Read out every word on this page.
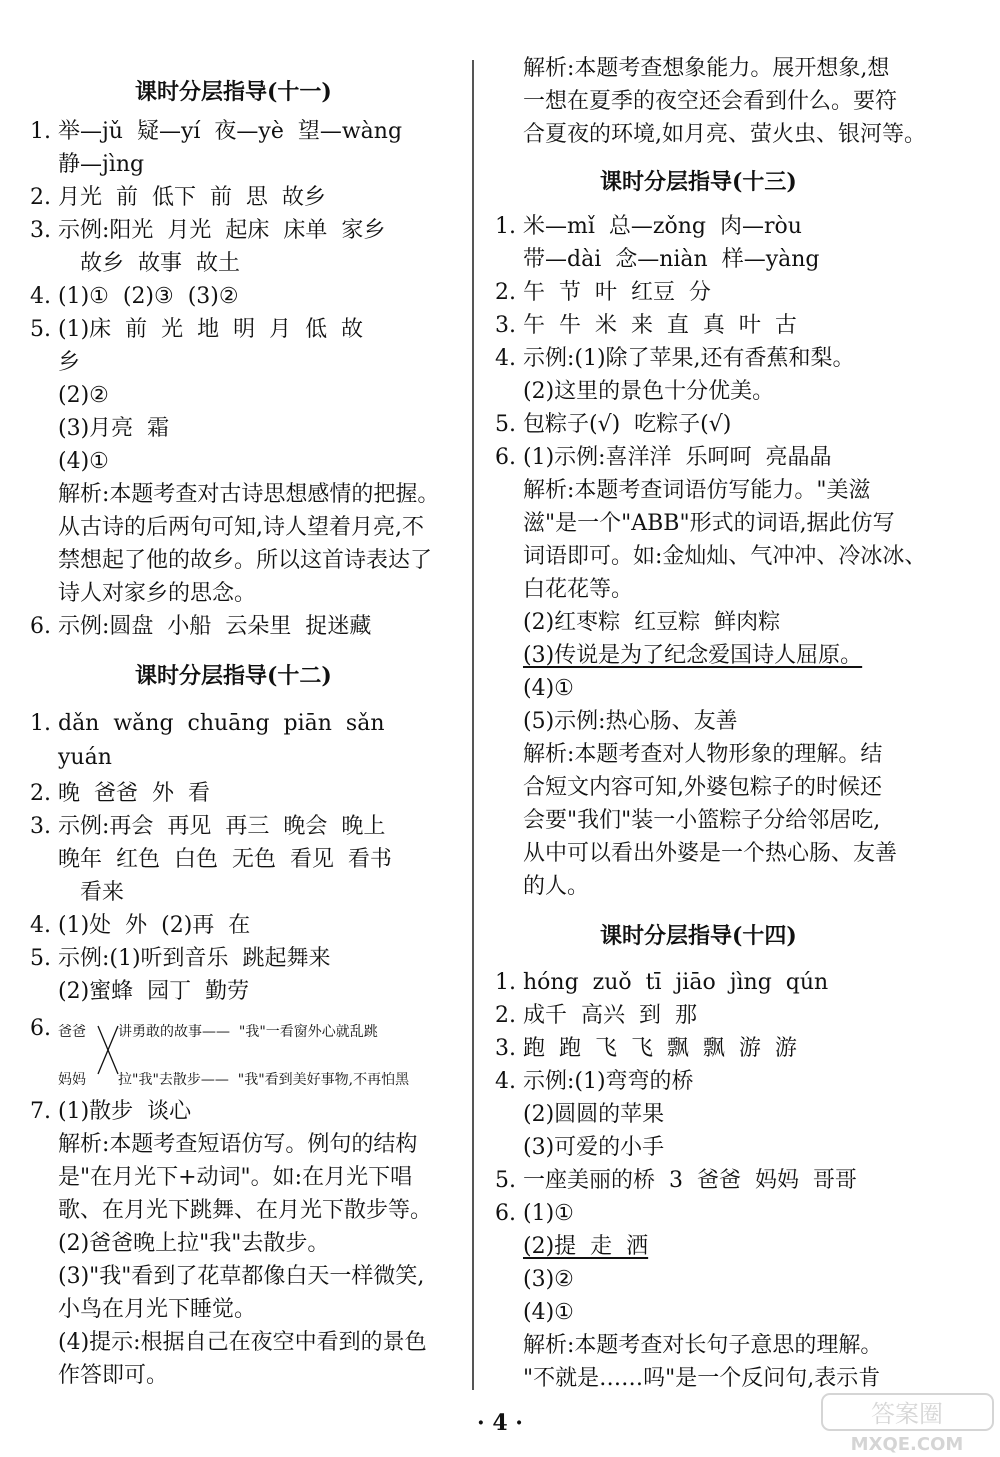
课时分层指导(十一)
1. 举—jǔ  疑—yí  夜—yè  望—wàng
静—jìng
2. 月光  前  低下  前  思  故乡
3. 示例:阳光  月光  起床  床单  家乡
故乡  故事  故土
4. (1)①  (2)③  (3)②
5. (1)床  前  光  地  明  月  低  故
乡
(2)②
(3)月亮  霜
(4)①
解析:本题考查对古诗思想感情的把握。
从古诗的后两句可知,诗人望着月亮,不
禁想起了他的故乡。所以这首诗表达了
诗人对家乡的思念。
6. 示例:圆盘  小船  云朵里  捉迷藏
课时分层指导(十二)
1. dǎn  wǎng  chuāng  piān  sǎn
yuán
2. 晚  爸爸  外  看
3. 示例:再会  再见  再三  晚会  晚上
晚年  红色  白色  无色  看见  看书
看来
4. (1)处  外  (2)再  在
5. 示例:(1)听到音乐  跳起舞来
(2)蜜蜂  园丁  勤劳
6. 爸爸 讲勇敢的故事——  "我"一看窗外心就乱跳
妈妈 拉"我"去散步——  "我"看到美好事物,不再怕黑
7. (1)散步  谈心
解析:本题考查短语仿写。例句的结构
是"在月光下+动词"。如:在月光下唱
歌、在月光下跳舞、在月光下散步等。
(2)爸爸晚上拉"我"去散步。
(3)"我"看到了花草都像白天一样微笑,
小鸟在月光下睡觉。
(4)提示:根据自己在夜空中看到的景色
作答即可。
解析:本题考查想象能力。展开想象,想
一想在夏季的夜空还会看到什么。要符
合夏夜的环境,如月亮、萤火虫、银河等。
课时分层指导(十三)
1. 米—mǐ  总—zǒng  肉—ròu
带—dài  念—niàn  样—yàng
2. 午  节  叶  红豆  分
3. 午  牛  米  来  直  真  叶  古
4. 示例:(1)除了苹果,还有香蕉和梨。
(2)这里的景色十分优美。
5. 包粽子(√)  吃粽子(√)
6. (1)示例:喜洋洋  乐呵呵  亮晶晶
解析:本题考查词语仿写能力。"美滋
滋"是一个"ABB"形式的词语,据此仿写
词语即可。如:金灿灿、气冲冲、冷冰冰、
白花花等。
(2)红枣粽  红豆粽  鲜肉粽
(3)传说是为了纪念爱国诗人屈原。
(4)①
(5)示例:热心肠、友善
解析:本题考查对人物形象的理解。结
合短文内容可知,外婆包粽子的时候还
会要"我们"装一小篮粽子分给邻居吃,
从中可以看出外婆是一个热心肠、友善
的人。
课时分层指导(十四)
1. hóng  zuǒ  tī  jiāo  jìng  qún
2. 成千  高兴  到  那
3. 跑  跑  飞  飞  飘  飘  游  游
4. 示例:(1)弯弯的桥
(2)圆圆的苹果
(3)可爱的小手
5. 一座美丽的桥  3  爸爸  妈妈  哥哥
6. (1)①
(2)提  走  洒
(3)②
(4)①
解析:本题考查对长句子意思的理解。
"不就是……吗"是一个反问句,表示肯
· 4 ·	答案圈
MXQE.COM
